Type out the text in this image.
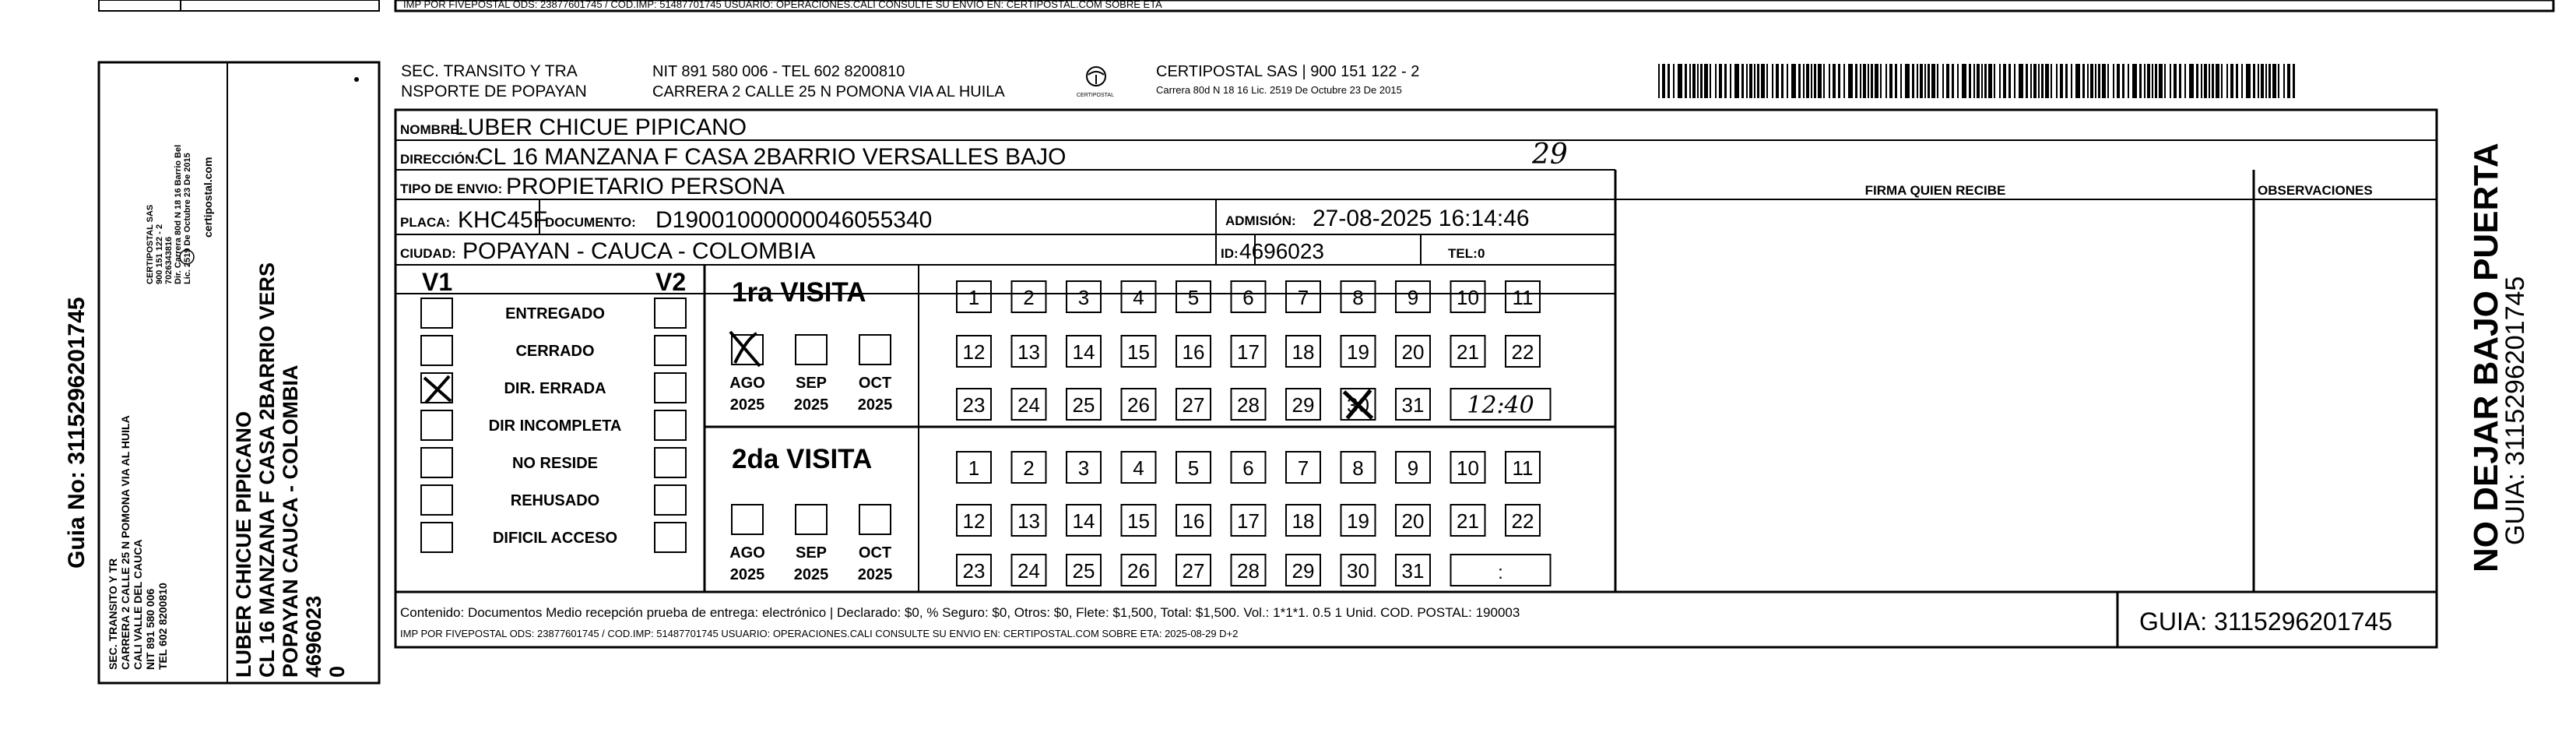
IMP POR FIVEPOSTAL ODS: 23877601745 / COD.IMP: 51487701745 USUARIO: OPERACIONES.CALI CONSULTE SU ENVIO EN: CERTIPOSTAL.COM SOBRE ETA
Guia No: 3115296201745
SEC. TRANSITO Y TR CARRERA 2 CALLE 25 N POMONA VIA AL HUILA CALI VALLE DEL CAUCA NIT 891 580 006 TEL 602 8200810
CERTIPOSTAL SAS 900 151 122 - 2 7026343816 Dir. Carrera 80d N 18 16 Barrio Bel Lic. 2519 De Octubre 23 De 2015 certipostal.com
LUBER CHICUE PIPICANO CL 16 MANZANA F CASA 2BARRIO VERS POPAYAN CAUCA - COLOMBIA 4696023 0
SEC. TRANSITO Y TRA
NSPORTE DE POPAYAN
NIT 891 580 006 - TEL 602 8200810
CARRERA 2 CALLE 25 N POMONA VIA AL HUILA	CERTIPOSTAL
CERTIPOSTAL SAS | 900 151 122 - 2
Carrera 80d N 18 16 Lic. 2519 De Octubre 23 De 2015
NOMBRE:
LUBER CHICUE PIPICANO
DIRECCIÓN:
CL 16 MANZANA F CASA 2BARRIO VERSALLES BAJO	29
TIPO DE ENVIO: PROPIETARIO PERSONA
PLACA: KHC45F
DOCUMENTO: D19001000000046055340	ADMISIÓN: 27-08-2025 16:14:46
CIUDAD: POPAYAN - CAUCA - COLOMBIA	ID: 4696023	TEL: 0
V1	V2
ENTREGADO
CERRADO
DIR. ERRADA
DIR INCOMPLETA
NO RESIDE
REHUSADO
DIFICIL ACCESO
1ra VISITA
2da VISITA
AGO
2025
SEP
2025
OCT
2025
AGO
2025
SEP
2025
OCT
2025
1 2 3 4 5 6 7 8 9 10 11
12 13 14 15 16 17 18 19 20 21 22
23 24 25 26 27 28 29 30 31 12:40
1 2 3 4 5 6 7 8 9 10 11
12 13 14 15 16 17 18 19 20 21 22
23 24 25 26 27 28 29 30 31	:
FIRMA QUIEN RECIBE	OBSERVACIONES
Contenido: Documentos Medio recepción prueba de entrega: electrónico | Declarado: $0, % Seguro: $0, Otros: $0, Flete: $1,500, Total: $1,500. Vol.: 1*1*1. 0.5 1 Unid. COD. POSTAL: 190003
IMP POR FIVEPOSTAL ODS: 23877601745 / COD.IMP: 51487701745 USUARIO: OPERACIONES.CALI CONSULTE SU ENVIO EN: CERTIPOSTAL.COM SOBRE ETA: 2025-08-29 D+2	GUIA: 3115296201745
NO DEJAR BAJO PUERTA
GUIA: 3115296201745
